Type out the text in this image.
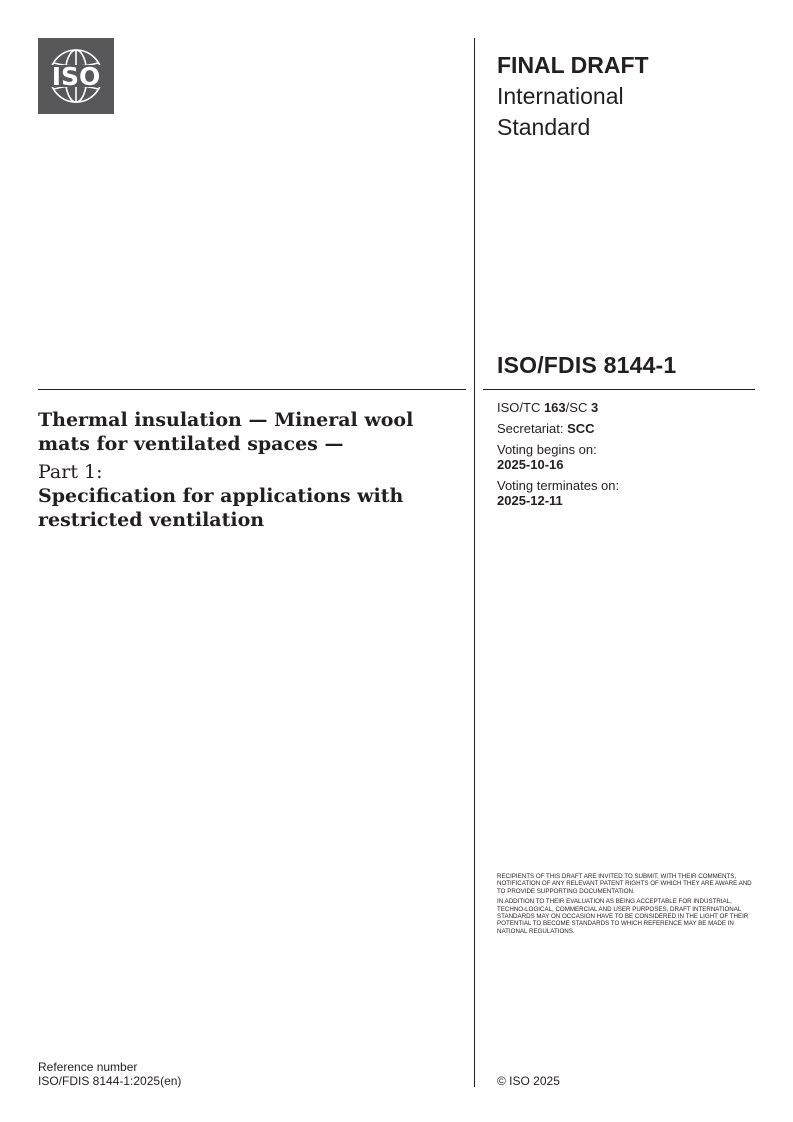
ISO	FINAL DRAFT
International
Standard
ISO/FDIS 8144-1

Thermal insulation — Mineral wool mats for ventilated spaces —

Part 1:

Specification for applications with restricted ventilation

ISO/TC 163/SC 3
Secretariat: SCC
Voting begins on:
2025-10-16
Voting terminates on:
2025-12-11

RECIPIENTS OF THIS DRAFT ARE INVITED TO SUBMIT, WITH THEIR COMMENTS, NOTIFICATION OF ANY RELEVANT PATENT RIGHTS OF WHICH THEY ARE AWARE AND TO PROVIDE SUPPORTING DOCUMENTATION.

IN ADDITION TO THEIR EVALUATION AS BEING ACCEPTABLE FOR INDUSTRIAL, TECHNO-LOGICAL, COMMERCIAL AND USER PURPOSES, DRAFT INTERNATIONAL STANDARDS MAY ON OCCASION HAVE TO BE CONSIDERED IN THE LIGHT OF THEIR POTENTIAL TO BECOME STANDARDS TO WHICH REFERENCE MAY BE MADE IN NATIONAL REGULATIONS.

Reference number
ISO/FDIS 8144-1:2025(en)	© ISO 2025
